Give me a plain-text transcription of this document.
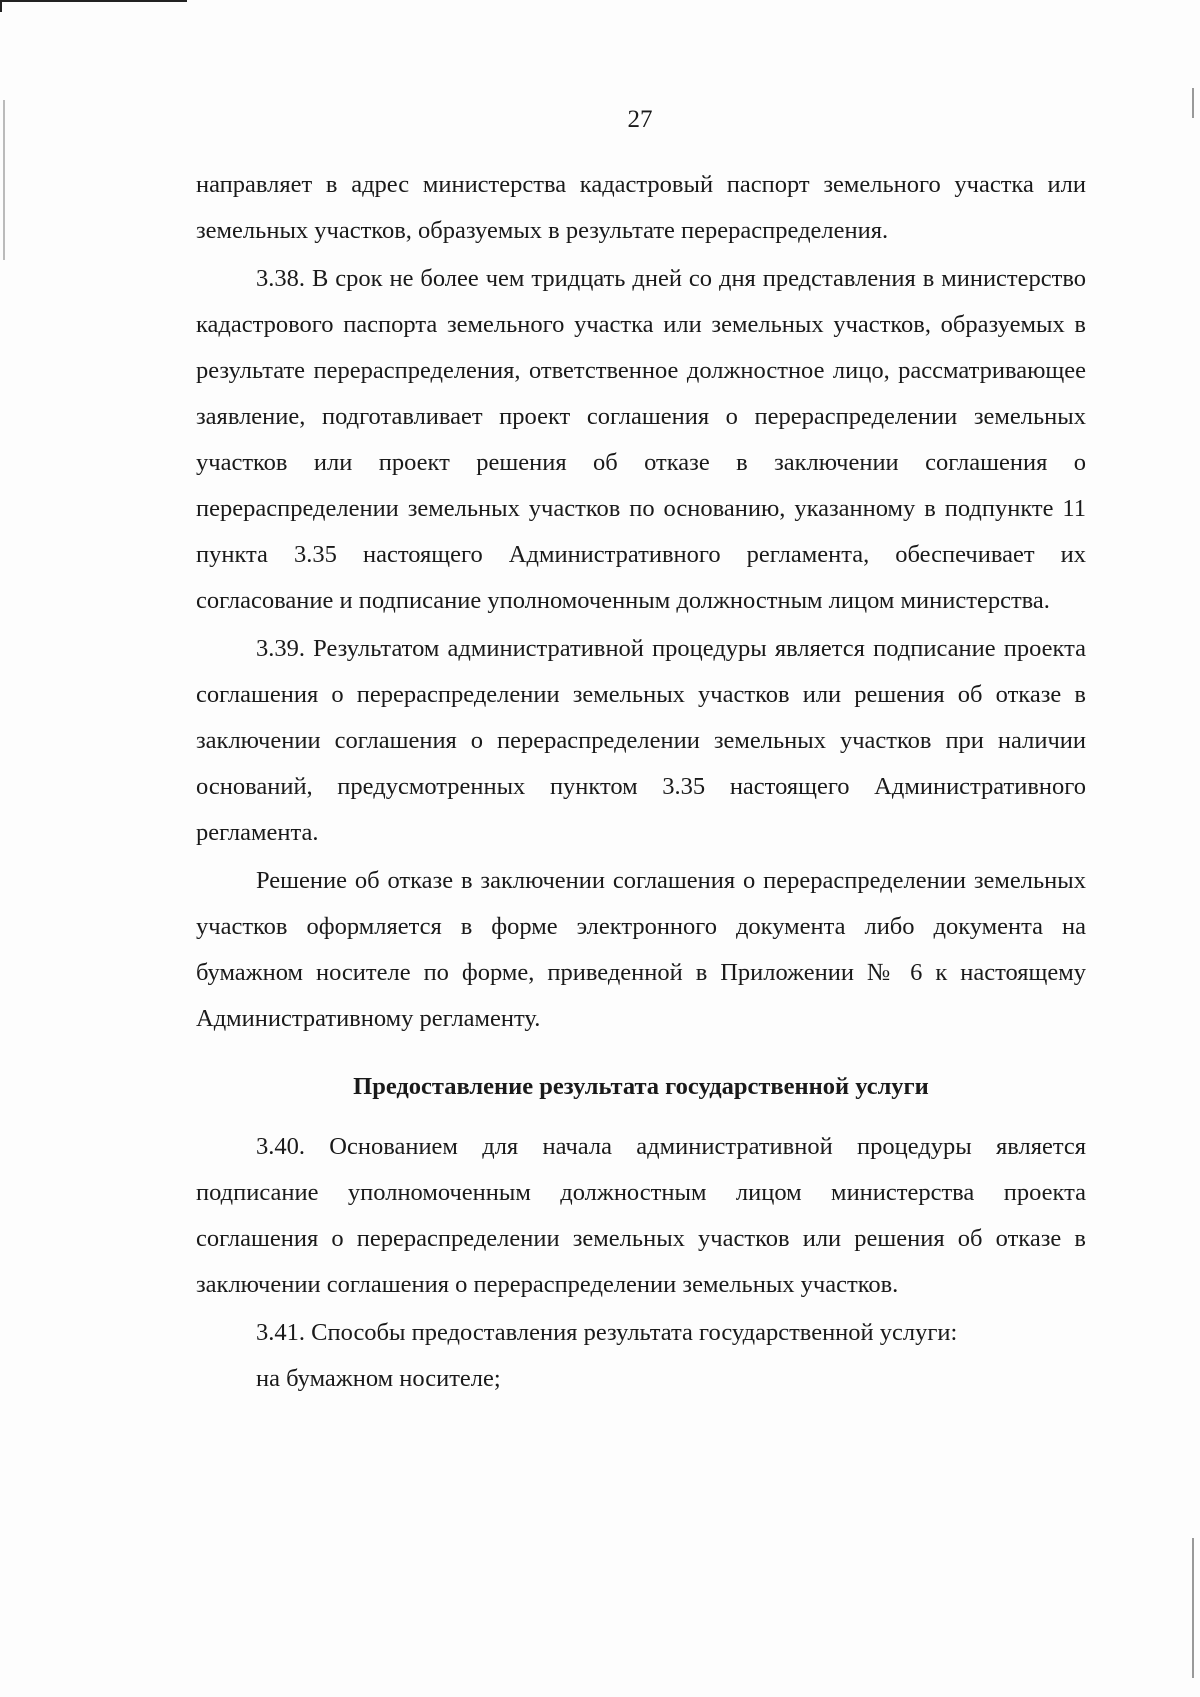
27

направляет в адрес министерства кадастровый паспорт земельного участка или земельных участков, образуемых в результате перераспределения.

3.38. В срок не более чем тридцать дней со дня представления в министерство кадастрового паспорта земельного участка или земельных участков, образуемых в результате перераспределения, ответственное должностное лицо, рассматривающее заявление, подготавливает проект соглашения о перераспределении земельных участков или проект решения об отказе в заключении соглашения о перераспределении земельных участков по основанию, указанному в подпункте 11 пункта 3.35 настоящего Административного регламента, обеспечивает их согласование и подписание уполномоченным должностным лицом министерства.

3.39. Результатом административной процедуры является подписание проекта соглашения о перераспределении земельных участков или решения об отказе в заключении соглашения о перераспределении земельных участков при наличии оснований, предусмотренных пунктом 3.35 настоящего Административного регламента.

Решение об отказе в заключении соглашения о перераспределении земельных участков оформляется в форме электронного документа либо документа на бумажном носителе по форме, приведенной в Приложении № 6 к настоящему Административному регламенту.

Предоставление результата государственной услуги

3.40. Основанием для начала административной процедуры является подписание уполномоченным должностным лицом министерства проекта соглашения о перераспределении земельных участков или решения об отказе в заключении соглашения о перераспределении земельных участков.

3.41. Способы предоставления результата государственной услуги:

на бумажном носителе;
